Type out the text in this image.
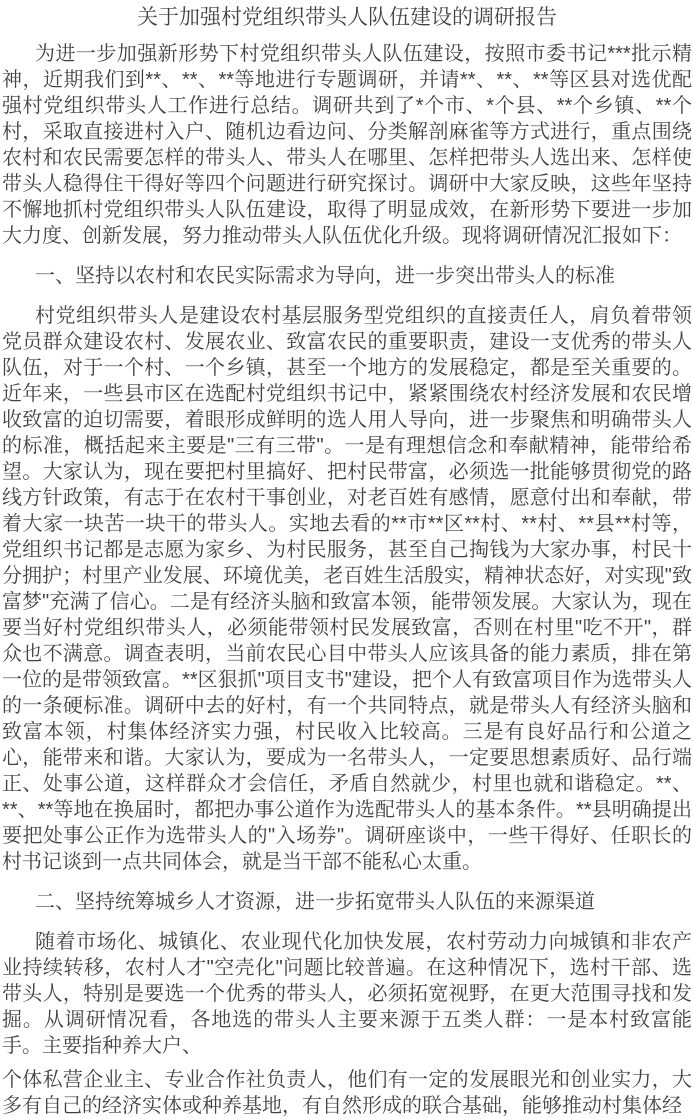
关于加强村党组织带头人队伍建设的调研报告

为进一步加强新形势下村党组织带头人队伍建设，按照市委书记***批示精神，近期我们到**、**、**等地进行专题调研，并请**、**、**等区县对选优配强村党组织带头人工作进行总结。调研共到了*个市、*个县、**个乡镇、**个村，采取直接进村入户、随机边看边问、分类解剖麻雀等方式进行，重点围绕农村和农民需要怎样的带头人、带头人在哪里、怎样把带头人选出来、怎样使带头人稳得住干得好等四个问题进行研究探讨。调研中大家反映，这些年坚持不懈地抓村党组织带头人队伍建设，取得了明显成效，在新形势下要进一步加大力度、创新发展，努力推动带头人队伍优化升级。现将调研情况汇报如下：

一、坚持以农村和农民实际需求为导向，进一步突出带头人的标准

村党组织带头人是建设农村基层服务型党组织的直接责任人，肩负着带领党员群众建设农村、发展农业、致富农民的重要职责，建设一支优秀的带头人队伍，对于一个村、一个乡镇，甚至一个地方的发展稳定，都是至关重要的。近年来，一些县市区在选配村党组织书记中，紧紧围绕农村经济发展和农民增收致富的迫切需要，着眼形成鲜明的选人用人导向，进一步聚焦和明确带头人的标准，概括起来主要是"三有三带"。一是有理想信念和奉献精神，能带给希望。大家认为，现在要把村里搞好、把村民带富，必须选一批能够贯彻党的路线方针政策，有志于在农村干事创业，对老百姓有感情，愿意付出和奉献，带着大家一块苦一块干的带头人。实地去看的**市**区**村、**村、**县**村等，党组织书记都是志愿为家乡、为村民服务，甚至自己掏钱为大家办事，村民十分拥护；村里产业发展、环境优美，老百姓生活殷实，精神状态好，对实现"致富梦"充满了信心。二是有经济头脑和致富本领，能带领发展。大家认为，现在要当好村党组织带头人，必须能带领村民发展致富，否则在村里"吃不开"，群众也不满意。调查表明，当前农民心目中带头人应该具备的能力素质，排在第一位的是带领致富。**区狠抓"项目支书"建设，把个人有致富项目作为选带头人的一条硬标准。调研中去的好村，有一个共同特点，就是带头人有经济头脑和致富本领，村集体经济实力强，村民收入比较高。三是有良好品行和公道之心，能带来和谐。大家认为，要成为一名带头人，一定要思想素质好、品行端正、处事公道，这样群众才会信任，矛盾自然就少，村里也就和谐稳定。**、**、**等地在换届时，都把办事公道作为选配带头人的基本条件。**县明确提出要把处事公正作为选带头人的"入场券"。调研座谈中，一些干得好、任职长的村书记谈到一点共同体会，就是当干部不能私心太重。

二、坚持统筹城乡人才资源，进一步拓宽带头人队伍的来源渠道

随着市场化、城镇化、农业现代化加快发展，农村劳动力向城镇和非农产业持续转移，农村人才"空壳化"问题比较普遍。在这种情况下，选村干部、选带头人，特别是要选一个优秀的带头人，必须拓宽视野，在更大范围寻找和发掘。从调研情况看，各地选的带头人主要来源于五类人群：一是本村致富能手。主要指种养大户、

个体私营企业主、专业合作社负责人，他们有一定的发展眼光和创业实力，大多有自己的经济实体或种养基地，有自然形成的联合基础，能够推动村集体经
